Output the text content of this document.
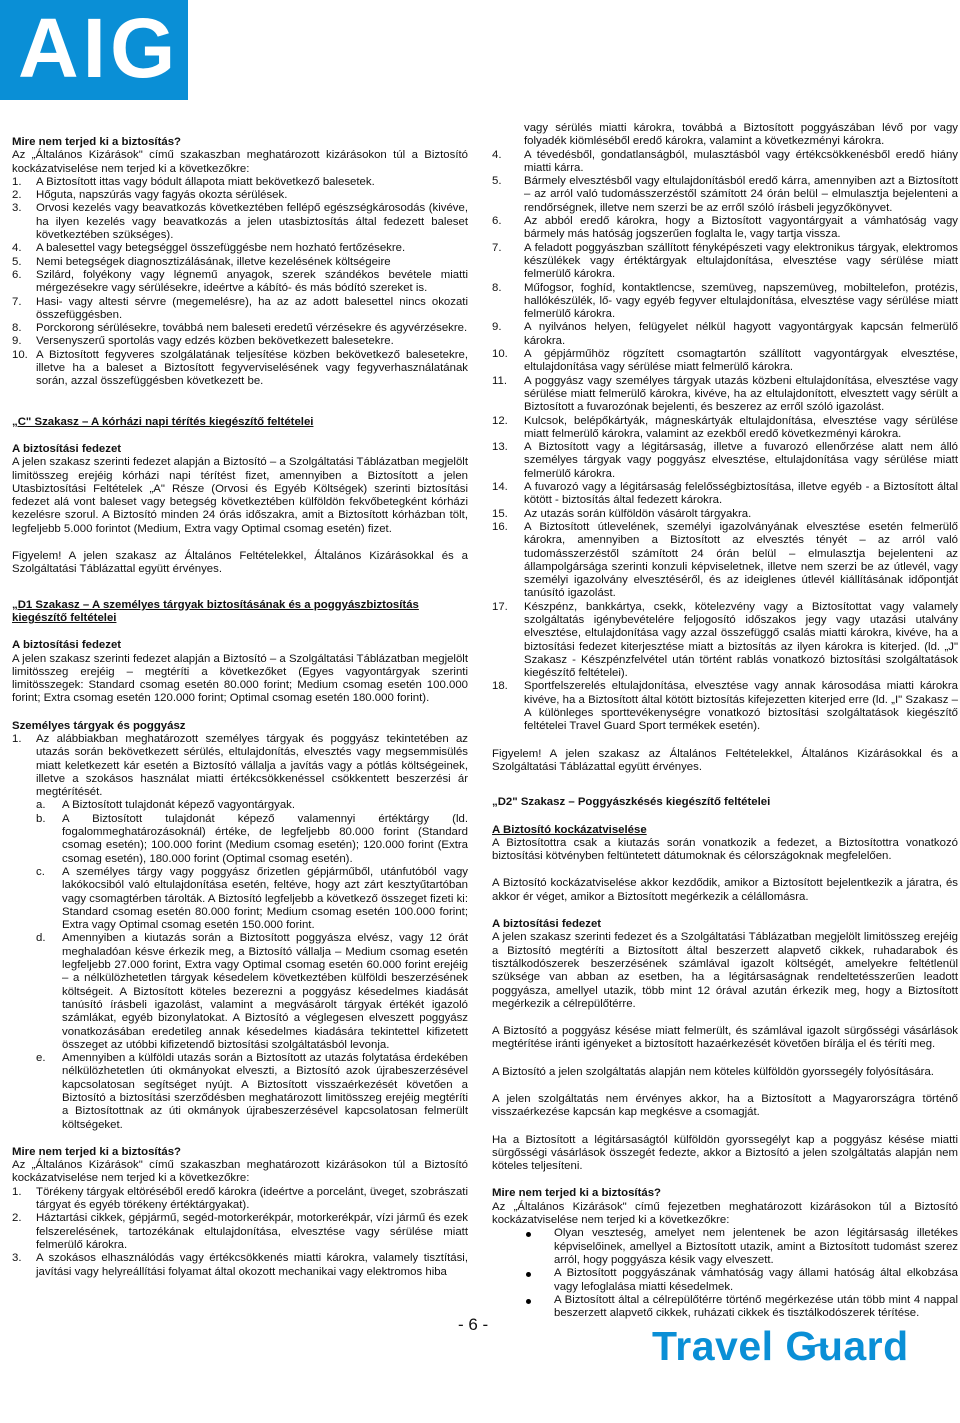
AIG
Mire nem terjed ki a biztosítás?

Az „Általános Kizárások" című szakaszban meghatározott kizárásokon túl a Biztosító kockázatviselése nem terjed ki a következőkre:

1. A Biztosított ittas vagy bódult állapota miatt bekövetkező balesetek.
2. Hőguta, napszúrás vagy fagyás okozta sérülések.
3. Orvosi kezelés vagy beavatkozás következtében fellépő egészségkárosodás (kivéve, ha ilyen kezelés vagy beavatkozás a jelen utasbiztosítás által fedezett baleset következtében szükséges).
4. A balesettel vagy betegséggel összefüggésbe nem hozható fertőzésekre.
5. Nemi betegségek diagnosztizálásának, illetve kezelésének költségeire
6. Szilárd, folyékony vagy légnemű anyagok, szerek szándékos bevétele miatti mérgezésekre vagy sérülésekre, ideértve a kábító- és más bódító szereket is.
7. Hasi- vagy altesti sérvre (megemelésre), ha az az adott balesettel nincs okozati összefüggésben.
8. Porckorong sérülésekre, továbbá nem baleseti eredetű vérzésekre és agyvérzésekre.
9. Versenyszerű sportolás vagy edzés közben bekövetkezett balesetekre.
10. A Biztosított fegyveres szolgálatának teljesítése közben bekövetkező balesetekre, illetve ha a baleset a Biztosított fegyverviselésének vagy fegyverhasználatának során, azzal összefüggésben következett be.
„C" Szakasz – A kórházi napi térítés kiegészítő feltételei
A biztosítási fedezet

A jelen szakasz szerinti fedezet alapján a Biztosító – a Szolgáltatási Táblázatban megjelölt limitösszeg erejéig kórházi napi térítést fizet, amennyiben a Biztosított a jelen Utasbiztosítási Feltételek „A" Része (Orvosi és Egyéb Költségek) szerinti biztosítási fedezet alá vont baleset vagy betegség következtében külföldön fekvőbetegként kórházi kezelésre szorul. A Biztosító minden 24 órás időszakra, amit a Biztosított kórházban tölt, legfeljebb 5.000 forintot (Medium, Extra vagy Optimal csomag esetén) fizet.

Figyelem! A jelen szakasz az Általános Feltételekkel, Általános Kizárásokkal és a Szolgáltatási Táblázattal együtt érvényes.

„D1 Szakasz – A személyes tárgyak biztosításának és a poggyászbiztosítás kiegészítő feltételei
A biztosítási fedezet

A jelen szakasz szerinti fedezet alapján a Biztosító – a Szolgáltatási Táblázatban megjelölt limitösszeg erejéig – megtéríti a következőket (Egyes vagyontárgyak szerinti limitösszegek: Standard csomag esetén 80.000 forint; Medium csomag esetén 100.000 forint; Extra csomag esetén 120.000 forint; Optimal csomag esetén 180.000 forint).

Személyes tárgyak és poggyász
1. Az alábbiakban meghatározott személyes tárgyak és poggyász tekintetében az utazás során bekövetkezett sérülés, eltulajdonítás, elvesztés vagy megsemmisülés miatt keletkezett kár esetén a Biztosító vállalja a javítás vagy a pótlás költségeinek, illetve a szokásos használat miatti értékcsökkenéssel csökkentett beszerzési ár megtérítését.
a. A Biztosított tulajdonát képező vagyontárgyak.
b. A Biztosított tulajdonát képező valamennyi értéktárgy (ld. fogalommeghatározásoknál) értéke, de legfeljebb 80.000 forint (Standard csomag esetén); 100.000 forint (Medium csomag esetén); 120.000 forint (Extra csomag esetén), 180.000 forint (Optimal csomag esetén).
c. A személyes tárgy vagy poggyász őrizetlen gépjárműből, utánfutóból vagy lakókocsiból való eltulajdonítása esetén, feltéve, hogy azt zárt kesztyűtartóban vagy csomagtérben tárolták. A Biztosító legfeljebb a következő összeget fizeti ki: Standard csomag esetén 80.000 forint; Medium csomag esetén 100.000 forint; Extra vagy Optimal csomag esetén 150.000 forint.
d. Amennyiben a kiutazás során a Biztosított poggyásza elvész, vagy 12 órát meghaladóan késve érkezik meg, a Biztosító vállalja – Medium csomag esetén legfeljebb 27.000 forint, Extra vagy Optimal csomag esetén 60.000 forint erejéig – a nélkülözhetetlen tárgyak késedelem következtében külföldi beszerzésének költségeit. A Biztosított köteles bezerezni a poggyász késedelmes kiadását tanúsító írásbeli igazolást, valamint a megvásárolt tárgyak értékét igazoló számlákat, egyéb bizonylatokat. A Biztosító a véglegesen elveszett poggyász vonatkozásában eredetileg annak késedelmes kiadására tekintettel kifizetett összeget az utóbbi kifizetendő biztosítási szolgáltatásból levonja.
e. Amennyiben a külföldi utazás során a Biztosított az utazás folytatása érdekében nélkülözhetetlen úti okmányokat elveszti, a Biztosító azok újrabeszerzésével kapcsolatosan segítséget nyújt. A Biztosított visszaérkezését követően a Biztosító a biztosítási szerződésben meghatározott limitösszeg erejéig megtéríti a Biztosítottnak az úti okmányok újrabeszerzésével kapcsolatosan felmerült költségeket.
Mire nem terjed ki a biztosítás?

Az „Általános Kizárások" című szakaszban meghatározott kizárásokon túl a Biztosító kockázatviselése nem terjed ki a következőkre:

1. Törékeny tárgyak eltöréséből eredő károkra (ideértve a porcelánt, üveget, szobrászati tárgyat és egyéb törékeny értéktárgyakat).
2. Háztartási cikkek, gépjármű, segéd-motorkerékpár, motorkerékpár, vízi jármű és ezek felszerelésének, tartozékának eltulajdonítása, elvesztése vagy sérülése miatt felmerülő károkra.
3. A szokásos elhasználódás vagy értékcsökkenés miatti károkra, valamely tisztítási, javítási vagy helyreállítási folyamat által okozott mechanikai vagy elektromos hiba

vagy sérülés miatti károkra, továbbá a Biztosított poggyászában lévő por vagy folyadék kiömléséből eredő károkra, valamint a következményi károkra.

4. A tévedésből, gondatlanságból, mulasztásból vagy értékcsökkenésből eredő hiány miatti kárra.
5. Bármely elvesztésből vagy eltulajdonításból eredő kárra, amennyiben azt a Biztosított – az arról való tudomásszerzéstől számított 24 órán belül – elmulasztja bejelenteni a rendőrségnek, illetve nem szerzi be az erről szóló írásbeli jegyzőkönyvet.
6. Az abból eredő károkra, hogy a Biztosított vagyontárgyait a vámhatóság vagy bármely más hatóság jogszerűen foglalta le, vagy tartja vissza.
7. A feladott poggyászban szállított fényképészeti vagy elektronikus tárgyak, elektromos készülékek vagy értéktárgyak eltulajdonítása, elvesztése vagy sérülése miatt felmerülő károkra.
8. Műfogsor, foghíd, kontaktlencse, szemüveg, napszemüveg, mobiltelefon, protézis, hallókészülék, lő- vagy egyéb fegyver eltulajdonítása, elvesztése vagy sérülése miatt felmerülő károkra.
9. A nyilvános helyen, felügyelet nélkül hagyott vagyontárgyak kapcsán felmerülő károkra.
10. A gépjárműhöz rögzített csomagtartón szállított vagyontárgyak elvesztése, eltulajdonítása vagy sérülése miatt felmerülő károkra.
11. A poggyász vagy személyes tárgyak utazás közbeni eltulajdonítása, elvesztése vagy sérülése miatt felmerülő károkra, kivéve, ha az eltulajdonított, elvesztett vagy sérült a Biztosított a fuvarozónak bejelenti, és beszerez az erről szóló igazolást.
12. Kulcsok, belépőkártyák, mágneskártyák eltulajdonítása, elvesztése vagy sérülése miatt felmerülő károkra, valamint az ezekből eredő következményi károkra.
13. A Biztosított vagy a légitársaság, illetve a fuvarozó ellenőrzése alatt nem álló személyes tárgyak vagy poggyász elvesztése, eltulajdonítása vagy sérülése miatt felmerülő károkra.
14. A fuvarozó vagy a légitársaság felelősségbiztosítása, illetve egyéb - a Biztosított által kötött - biztosítás által fedezett károkra.
15. Az utazás során külföldön vásárolt tárgyakra.
16. A Biztosított útlevelének, személyi igazolványának elvesztése esetén felmerülő károkra, amennyiben a Biztosított az elvesztés tényét – az arról való tudomásszerzéstől számított 24 órán belül – elmulasztja bejelenteni az állampolgársága szerinti konzuli képviseletnek, illetve nem szerzi be az útlevél, vagy személyi igazolvány elvesztéséről, és az ideiglenes útlevél kiállításának időpontját tanúsító igazolást.
17. Készpénz, bankkártya, csekk, kötelezvény vagy a Biztosítottat vagy valamely szolgáltatás igénybevételére feljogosító időszakos jegy vagy utazási utalvány elvesztése, eltulajdonítása vagy azzal összefüggő csalás miatti károkra, kivéve, ha a biztosítási fedezet kiterjesztése miatt a biztosítás az ilyen károkra is kiterjed. (ld. „J" Szakasz - Készpénzfelvétel után történt rablás vonatkozó biztosítási szolgáltatások kiegészítő feltételei).
18. Sportfelszerelés eltulajdonítása, elvesztése vagy annak károsodása miatti károkra kivéve, ha a Biztosított által kötött biztosítás kifejezetten kiterjed erre (ld. „I" Szakasz – A különleges sporttevékenységre vonatkozó biztosítási szolgáltatások kiegészítő feltételei Travel Guard Sport termékek esetén).

Figyelem! A jelen szakasz az Általános Feltételekkel, Általános Kizárásokkal és a Szolgáltatási Táblázattal együtt érvényes.

„D2" Szakasz – Poggyászkésés kiegészítő feltételei
A Biztosító kockázatviselése

A Biztosítottra csak a kiutazás során vonatkozik a fedezet, a Biztosítottra vonatkozó biztosítási kötvényben feltüntetett dátumoknak és célországoknak megfelelően.

A Biztosító kockázatviselése akkor kezdődik, amikor a Biztosított bejelentkezik a járatra, és akkor ér véget, amikor a Biztosított megérkezik a célállomásra.

A biztosítási fedezet

A jelen szakasz szerinti fedezet és a Szolgáltatási Táblázatban megjelölt limitösszeg erejéig a Biztosító megtéríti a Biztosított által beszerzett alapvető cikkek, ruhadarabok és tisztálkodószerek beszerzésének számlával igazolt költségét, amelyekre feltétlenül szüksége van abban az esetben, ha a légitársaságnak rendeltetésszerűen leadott poggyásza, amellyel utazik, több mint 12 órával azután érkezik meg, hogy a Biztosított megérkezik a célrepülőtérre.

A Biztosító a poggyász késése miatt felmerült, és számlával igazolt sürgősségi vásárlások megtérítése iránti igényeket a biztosított hazaérkezését követően bírálja el és téríti meg.

A Biztosító a jelen szolgáltatás alapján nem köteles külföldön gyorssegély folyósítására.

A jelen szolgáltatás nem érvényes akkor, ha a Biztosított a Magyarországra történő visszaérkezése kapcsán kap megkésve a csomagját.

Ha a Biztosított a légitársaságtól külföldön gyorssegélyt kap a poggyász késése miatti sürgősségi vásárlások összegét fedezte, akkor a Biztosító a jelen szolgáltatás alapján nem köteles teljesíteni.

Mire nem terjed ki a biztosítás?

Az „Általános Kizárások" című fejezetben meghatározott kizárásokon túl a Biztosító kockázatviselése nem terjed ki a következőkre:

Olyan veszteség, amelyet nem jelentenek be azon légitársaság illetékes képviselőinek, amellyel a Biztosított utazik, amint a Biztosított tudomást szerez arról, hogy poggyásza késik vagy elveszett.
A Biztosított poggyászának vámhatóság vagy állami hatóság által elkobzása vagy lefoglalása miatti késedelmek.
A Biztosított által a célrepülőtérre történő megérkezése után több mint 4 nappal beszerzett alapvető cikkek, ruházati cikkek és tisztálkodószerek térítése.
- 6 -	Travel Guard
